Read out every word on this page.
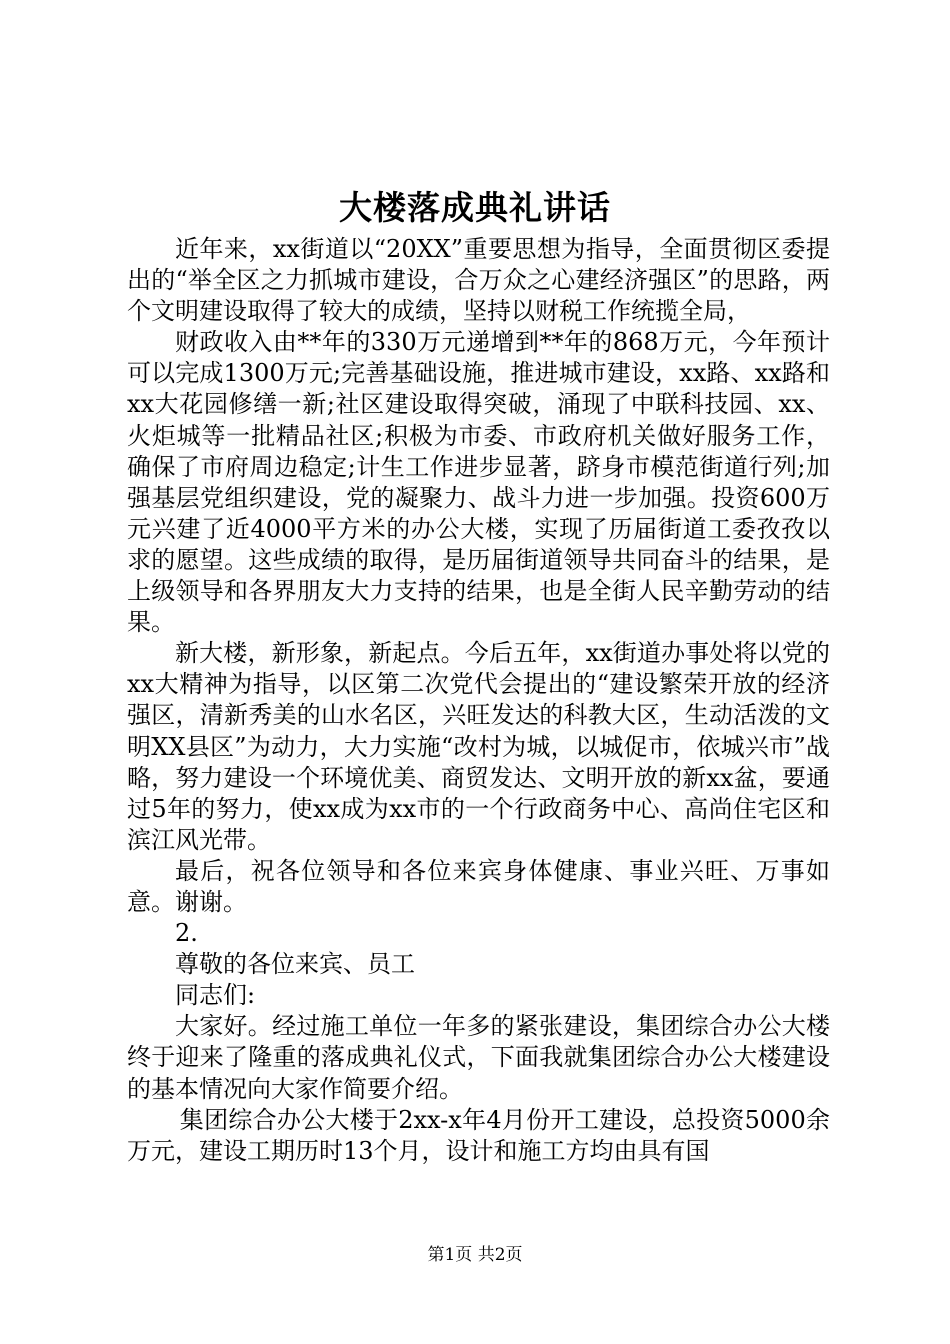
大楼落成典礼讲话

近年来，xx街道以“20XX”重要思想为指导，全面贯彻区委提出的“举全区之力抓城市建设，合万众之心建经济强区”的思路，两个文明建设取得了较大的成绩，坚持以财税工作统揽全局，

财政收入由**年的330万元递增到**年的868万元，今年预计可以完成1300万元;完善基础设施，推进城市建设，xx路、xx路和xx大花园修缮一新;社区建设取得突破，涌现了中联科技园、xx、火炬城等一批精品社区;积极为市委、市政府机关做好服务工作，确保了市府周边稳定;计生工作进步显著，跻身市模范街道行列;加强基层党组织建设，党的凝聚力、战斗力进一步加强。投资600万元兴建了近4000平方米的办公大楼，实现了历届街道工委孜孜以求的愿望。这些成绩的取得，是历届街道领导共同奋斗的结果，是上级领导和各界朋友大力支持的结果，也是全街人民辛勤劳动的结果。

新大楼，新形象，新起点。今后五年，xx街道办事处将以党的xx大精神为指导，以区第二次党代会提出的“建设繁荣开放的经济强区，清新秀美的山水名区，兴旺发达的科教大区，生动活泼的文明XX县区”为动力，大力实施“改村为城，以城促市，依城兴市”战略，努力建设一个环境优美、商贸发达、文明开放的新xx盆，要通过5年的努力，使xx成为xx市的一个行政商务中心、高尚住宅区和滨江风光带。

最后，祝各位领导和各位来宾身体健康、事业兴旺、万事如意。谢谢。

2.

尊敬的各位来宾、员工

同志们:

大家好。经过施工单位一年多的紧张建设，集团综合办公大楼终于迎来了隆重的落成典礼仪式，下面我就集团综合办公大楼建设的基本情况向大家作简要介绍。

集团综合办公大楼于2xx-x年4月份开工建设，总投资5000余万元，建设工期历时13个月，设计和施工方均由具有国

第1页 共2页
